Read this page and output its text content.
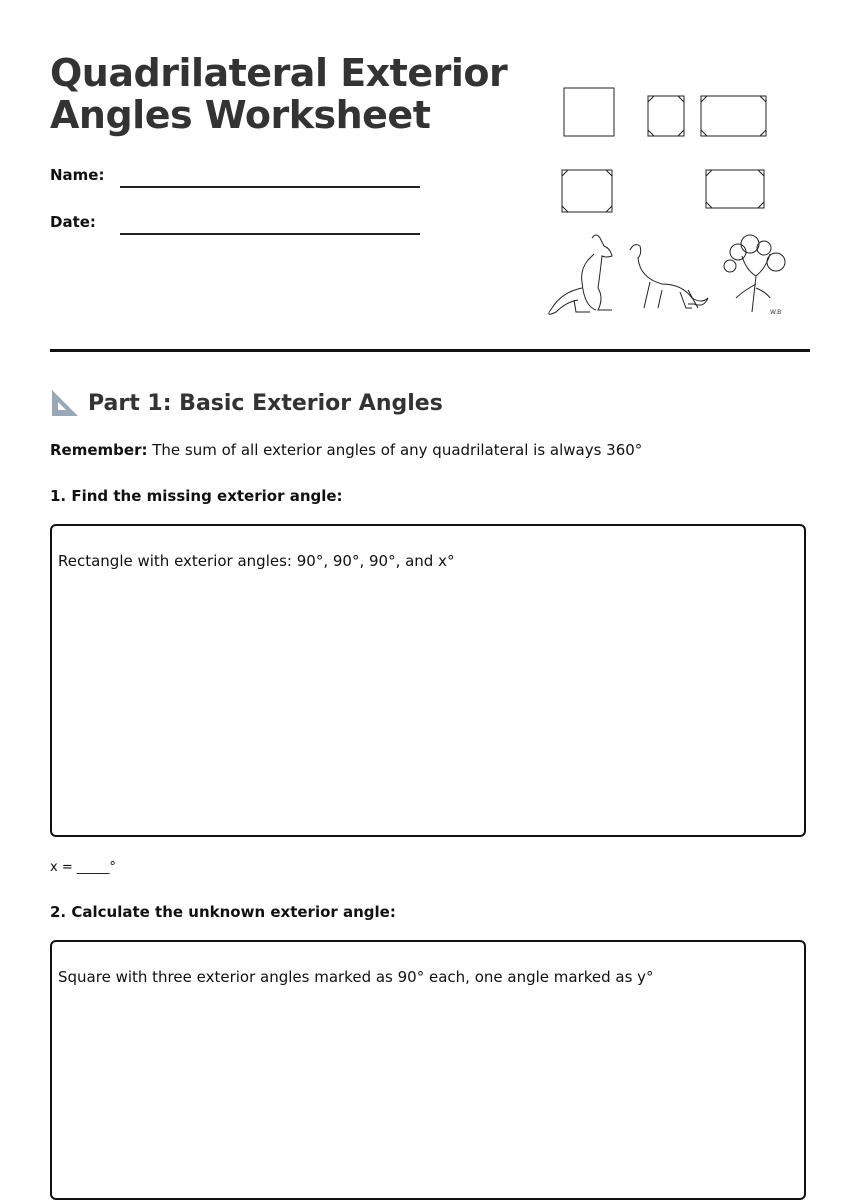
Quadrilateral Exterior Angles Worksheet
Name:
Date:
W.B
Part 1: Basic Exterior Angles
Remember: The sum of all exterior angles of any quadrilateral is always 360°
1. Find the missing exterior angle:
Rectangle with exterior angles: 90°, 90°, 90°, and x°
x = _____°
2. Calculate the unknown exterior angle:
Square with three exterior angles marked as 90° each, one angle marked as y°
